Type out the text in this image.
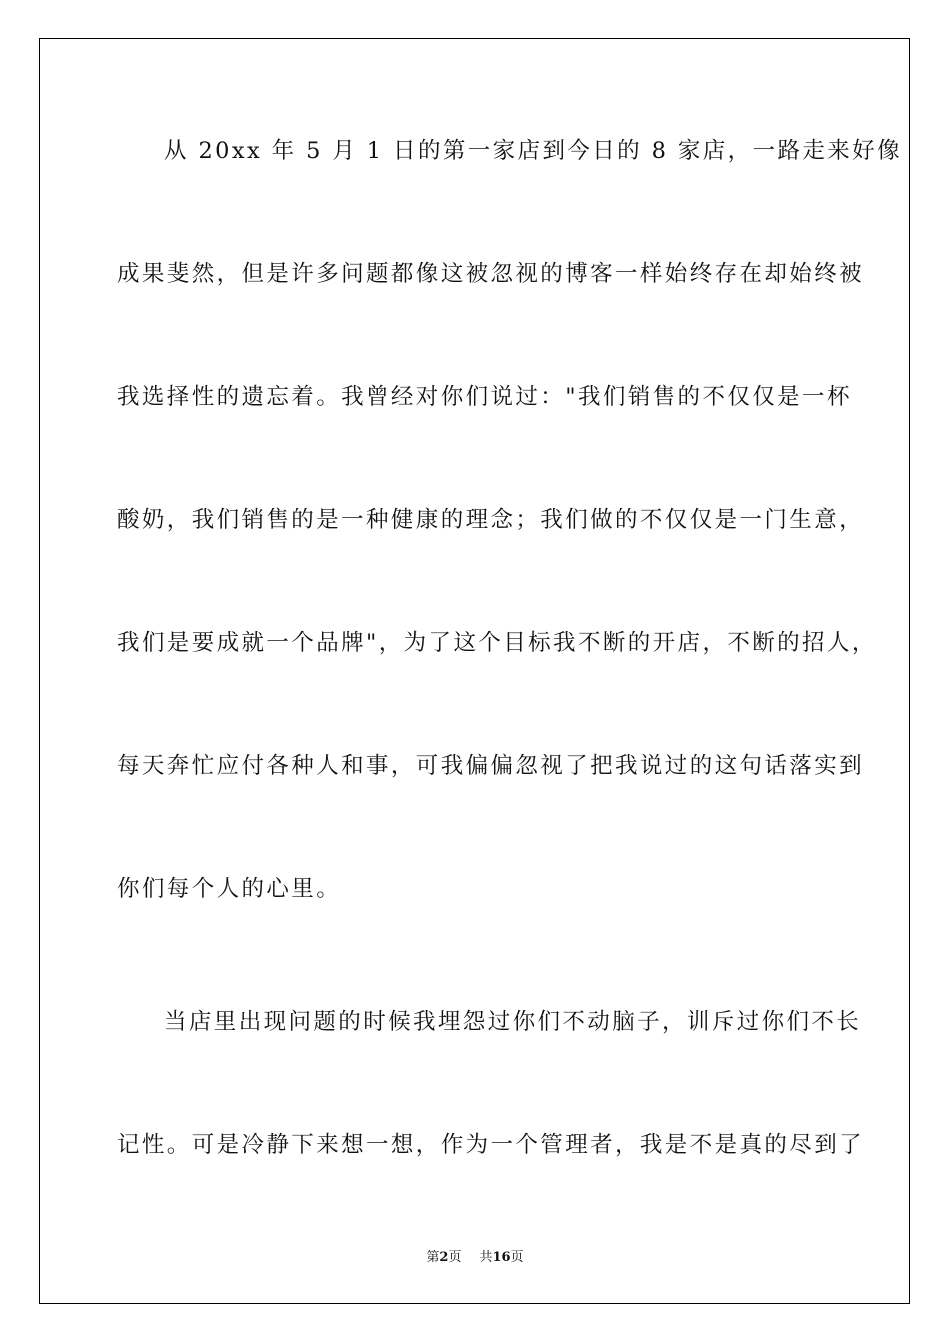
从 20xx 年 5 月 1 日的第一家店到今日的 8 家店，一路走来好像
成果斐然，但是许多问题都像这被忽视的博客一样始终存在却始终被
我选择性的遗忘着。我曾经对你们说过："我们销售的不仅仅是一杯
酸奶，我们销售的是一种健康的理念；我们做的不仅仅是一门生意，
我们是要成就一个品牌"，为了这个目标我不断的开店，不断的招人，
每天奔忙应付各种人和事，可我偏偏忽视了把我说过的这句话落实到
你们每个人的心里。
当店里出现问题的时候我埋怨过你们不动脑子，训斥过你们不长
记性。可是冷静下来想一想，作为一个管理者，我是不是真的尽到了
第2页 共16页
